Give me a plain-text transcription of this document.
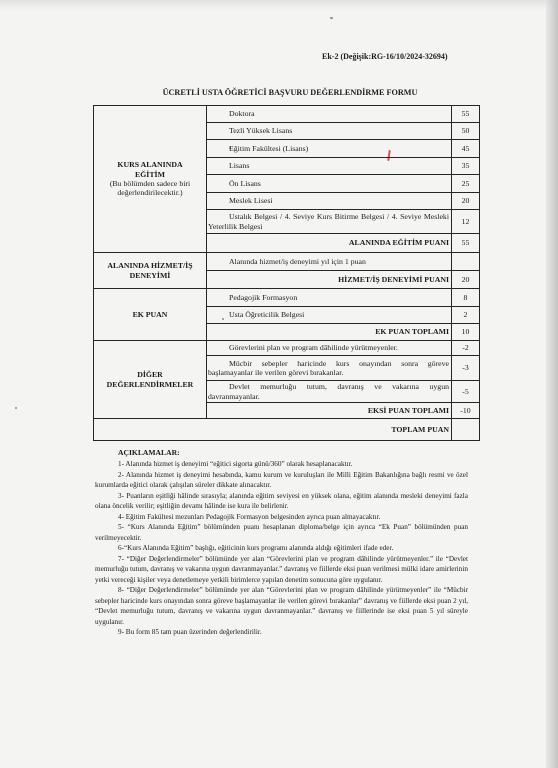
Ek-2 (Değişik:RG-16/10/2024-32694)
ÜCRETLİ USTA ÖĞRETİCİ BAŞVURU DEĞERLENDİRME FORMU
KURS ALANINDA EĞİTİM
(Bu bölümden sadece biri değerlendirilecektir.)	Doktora	55
	Tezli Yüksek Lisans	50
	Eğitim Fakültesi (Lisans)	45
	Lisans	35
	Ön Lisans	25
	Meslek Lisesi	20
	Ustalık Belgesi / 4. Seviye Kurs Bitirme Belgesi / 4. Seviye Mesleki Yeterlilik Belgesi	12
	ALANINDA EĞİTİM PUANI	55

ALANINDA HİZMET/İŞ DENEYİMİ	Alanında hizmet/iş deneyimi yıl için 1 puan	
	HİZMET/İŞ DENEYİMİ PUANI	20

EK PUAN	Pedagojik Formasyon	8
	Usta Öğreticilik Belgesi	2
	EK PUAN TOPLAMI	10

DİĞER DEĞERLENDİRMELER	Görevlerini plan ve program dâhilinde yürütmeyenler.	-2
	Mücbir sebepler haricinde kurs onayından sonra göreve başlamayanlar ile verilen görevi bırakanlar.	-3
	Devlet memurluğu tutum, davranış ve vakarına uygun davranmayanlar.	-5
	EKSİ PUAN TOPLAMI	-10
TOPLAM PUAN		
AÇIKLAMALAR:

1- Alanında hizmet iş deneyimi “eğitici sigorta günü/360” olarak hesaplanacaktır.

2- Alanında hizmet iş deneyimi hesabında, kamu kurum ve kuruluşları ile Milli Eğitim Bakanlığına bağlı resmi ve özel kurumlarda eğitici olarak çalışılan süreler dikkate alınacaktır.

3- Puanların eşitliği hâlinde sırasıyla; alanında eğitim seviyesi en yüksek olana, eğitim alanında mesleki deneyimi fazla olana öncelik verilir; eşitliğin devamı hâlinde ise kura ile belirlenir.

4- Eğitim Fakültesi mezunları Pedagojik Formasyon belgesinden ayrıca puan almayacaktır.

5- “Kurs Alanında Eğitim” bölümünden puanı hesaplanan diploma/belge için ayrıca “Ek Puan” bölümünden puan verilmeyecektir.

6-“Kurs Alanında Eğitim” başlığı, eğiticinin kurs programı alanında aldığı eğitimleri ifade eder.

7- “Diğer Değerlendirmeler” bölümünde yer alan “Görevlerini plan ve program dâhilinde yürütmeyenler.” ile “Devlet memurluğu tutum, davranış ve vakarına uygun davranmayanlar.” davranış ve fiillerde eksi puan verilmesi mülki idare amirlerinin yetki vereceği kişiler veya denetlemeye yetkili birimlerce yapılan denetim sonucuna göre uygulanır.

8- “Diğer Değerlendirmeler” bölümünde yer alan “Görevlerini plan ve program dâhilinde yürütmeyenler” ile “Mücbir sebepler haricinde kurs onayından sonra göreve başlamayanlar ile verilen görevi bırakanlar” davranış ve fiillerde eksi puan 2 yıl, “Devlet memurluğu tutum, davranış ve vakarına uygun davranmayanlar.” davranış ve fiillerinde ise eksi puan 5 yıl süreyle uygulanır.

9- Bu form 85 tam puan üzerinden değerlendirilir.
